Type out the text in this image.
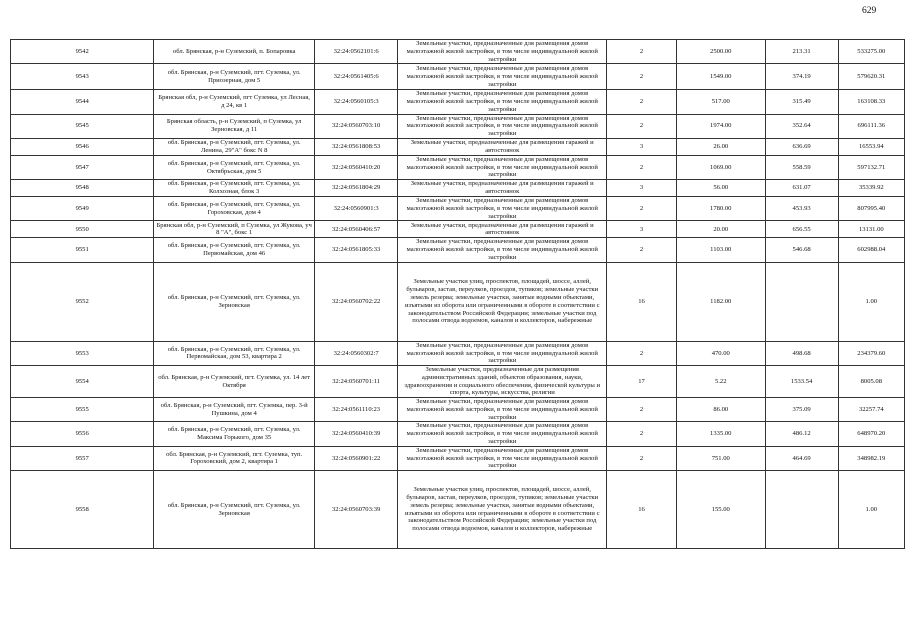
629
9542	обл. Брянская, р-н Суземский, п. Бопаровка	32:24:0562101:6	Земельные участки, предназначенные для размещения домов малоэтажной жилой застройки, в том числе индивидуальной жилой застройки	2	2500.00	213.31	533275.00
9543	обл. Брянская, р-н Суземский, пгт. Суземка, ул. Приозерная, дом 5	32:24:0561405:6	Земельные участки, предназначенные для размещения домов малоэтажной жилой застройки, в том числе индивидуальной жилой застройки	2	1549.00	374.19	579620.31
9544	Брянская обл, р-н Суземский, пгт Суземка, ул Лесная, д 24, кв 1	32:24:0560105:3	Земельные участки, предназначенные для размещения домов малоэтажной жилой застройки, в том числе индивидуальной жилой застройки	2	517.00	315.49	163108.33
9545	Брянская область, р-н Суземский, п Суземка, ул Зерновская, д 11	32:24:0560703:10	Земельные участки, предназначенные для размещения домов малоэтажной жилой застройки, в том числе индивидуальной жилой застройки	2	1974.00	352.64	696111.36
9546	обл. Брянская, р-н Суземский, пгт. Суземка, ул. Ленина, 29"А" бокс N 8	32:24:0561808:53	Земельные участки, предназначенные для размещения гаражей и автостоянок	3	26.00	636.69	16553.94
9547	обл. Брянская, р-н Суземский, пгт. Суземка, ул. Октябрьская, дом 5	32:24:0560410:20	Земельные участки, предназначенные для размещения домов малоэтажной жилой застройки, в том числе индивидуальной жилой застройки	2	1069.00	558.59	597132.71
9548	обл. Брянская, р-н Суземский, пгт. Суземка, ул. Колхозная, блок 3	32:24:0561804:29	Земельные участки, предназначенные для размещения гаражей и автостоянок	3	56.00	631.07	35339.92
9549	обл. Брянская, р-н Суземский, пгт. Суземка, ул. Гороховская, дом 4	32:24:0560901:3	Земельные участки, предназначенные для размещения домов малоэтажной жилой застройки, в том числе индивидуальной жилой застройки	2	1780.00	453.93	807995.40
9550	Брянская обл, р-н Суземский, п Суземка, ул Жукова, уч 8 "А", бокс 1	32:24:0560406:57	Земельные участки, предназначенные для размещения гаражей и автостоянок	3	20.00	656.55	13131.00
9551	обл. Брянская, р-н Суземский, пгт. Суземка, ул. Первомайская, дом 46	32:24:0561805:33	Земельные участки, предназначенные для размещения домов малоэтажной жилой застройки, в том числе индивидуальной жилой застройки	2	1103.00	546.68	602988.04
9552	обл. Брянская, р-н Суземский, пгт. Суземка, ул. Зерновская	32:24:0560702:22	Земельные участки улиц, проспектов, площадей, шоссе, аллей, бульваров, застав, переулков, проездов, тупиков; земельные участки земель резерва; земельные участки, занятые водными объектами, изъятыми из оборота или ограниченными в обороте в соответствии с законодательством Российской Федерации; земельные участки под полосами отвода водоемов, каналов и коллекторов, набережные	16	1182.00		1.00
9553	обл. Брянская, р-н Суземский, пгт. Суземка, ул. Первомайская, дом 53, квартира 2	32:24:0560302:7	Земельные участки, предназначенные для размещения домов малоэтажной жилой застройки, в том числе индивидуальной жилой застройки	2	470.00	498.68	234379.60
9554	обл. Брянская, р-н Суземский, пгт. Суземка, ул. 14 лет Октября	32:24:0560701:11	Земельные участки, предназначенные для размещения административных зданий, объектов образования, науки, здравоохранения и социального обеспечения, физической культуры и спорта, культуры, искусства, религии	17	5.22	1533.54	8005.08
9555	обл. Брянская, р-н Суземский, пгт. Суземка, пер. 3-й Пушкина, дом 4	32:24:0561110:23	Земельные участки, предназначенные для размещения домов малоэтажной жилой застройки, в том числе индивидуальной жилой застройки	2	86.00	375.09	32257.74
9556	обл. Брянская, р-н Суземский, пгт. Суземка, ул. Максима Горького, дом 35	32:24:0560410:39	Земельные участки, предназначенные для размещения домов малоэтажной жилой застройки, в том числе индивидуальной жилой застройки	2	1335.00	486.12	648970.20
9557	обл. Брянская, р-н Суземский, пгт. Суземка, туп. Гороховский, дом 2, квартира 1	32:24:0560901:22	Земельные участки, предназначенные для размещения домов малоэтажной жилой застройки, в том числе индивидуальной жилой застройки	2	751.00	464.69	348982.19
9558	обл. Брянская, р-н Суземский, пгт. Суземка, ул. Зерновская	32:24:0560703:39	Земельные участки улиц, проспектов, площадей, шоссе, аллей, бульваров, застав, переулков, проездов, тупиков; земельные участки земель резерва; земельные участки, занятые водными объектами, изъятыми из оборота или ограниченными в обороте в соответствии с законодательством Российской Федерации; земельные участки под полосами отвода водоемов, каналов и коллекторов, набережные	16	155.00		1.00
